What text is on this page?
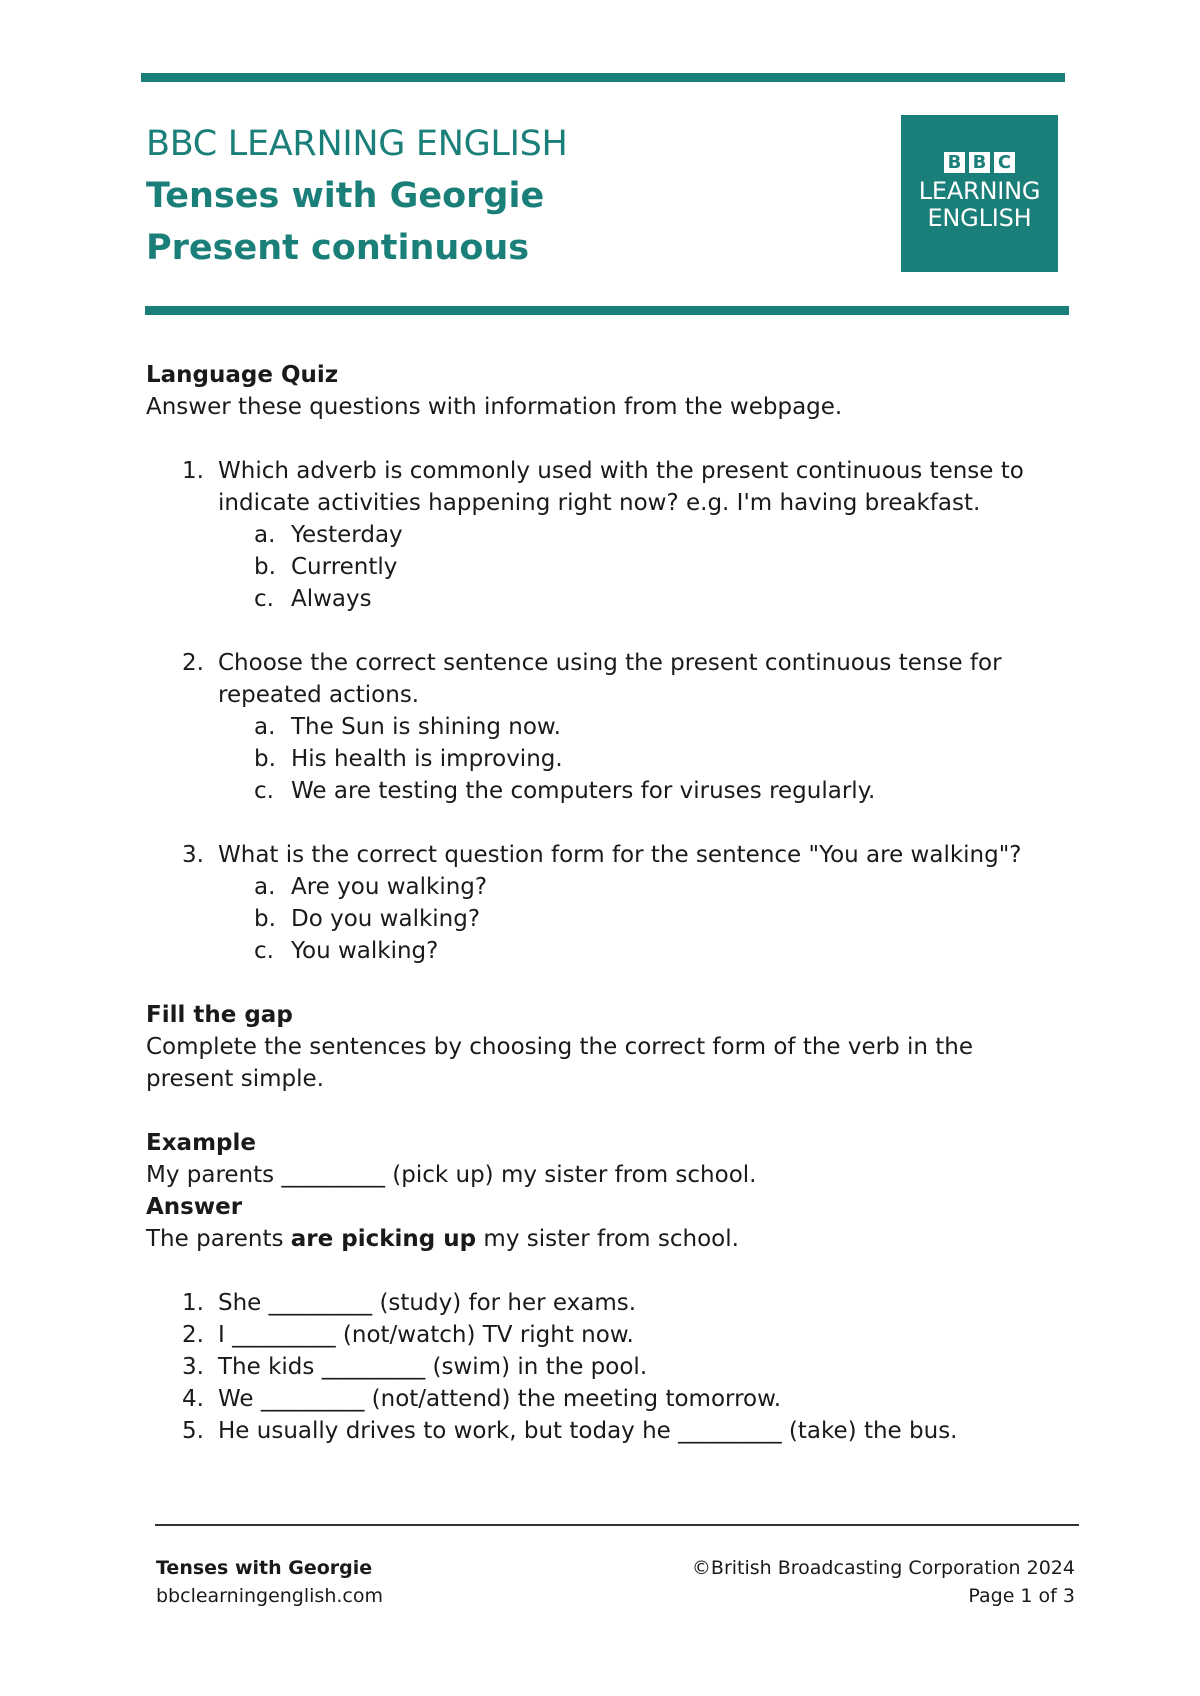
BBC LEARNING ENGLISH
Tenses with Georgie
Present continuous
B B C
LEARNING
ENGLISH

Language Quiz

Answer these questions with information from the webpage.

1. Which adverb is commonly used with the present continuous tense to indicate activities happening right now? e.g. I'm having breakfast.
a. Yesterday
b. Currently
c. Always
2. Choose the correct sentence using the present continuous tense for repeated actions.
a. The Sun is shining now.
b. His health is improving.
c. We are testing the computers for viruses regularly.
3. What is the correct question form for the sentence "You are walking"?
a. Are you walking?
b. Do you walking?
c. You walking?

Fill the gap

Complete the sentences by choosing the correct form of the verb in the present simple.

Example

My parents _________ (pick up) my sister from school.

Answer

The parents are picking up my sister from school.

1. She _________ (study) for her exams.
2. I _________ (not/watch) TV right now.
3. The kids _________ (swim) in the pool.
4. We _________ (not/attend) the meeting tomorrow.
5. He usually drives to work, but today he _________ (take) the bus.
Tenses with Georgie
bbclearningenglish.com
©British Broadcasting Corporation 2024
Page 1 of 3
